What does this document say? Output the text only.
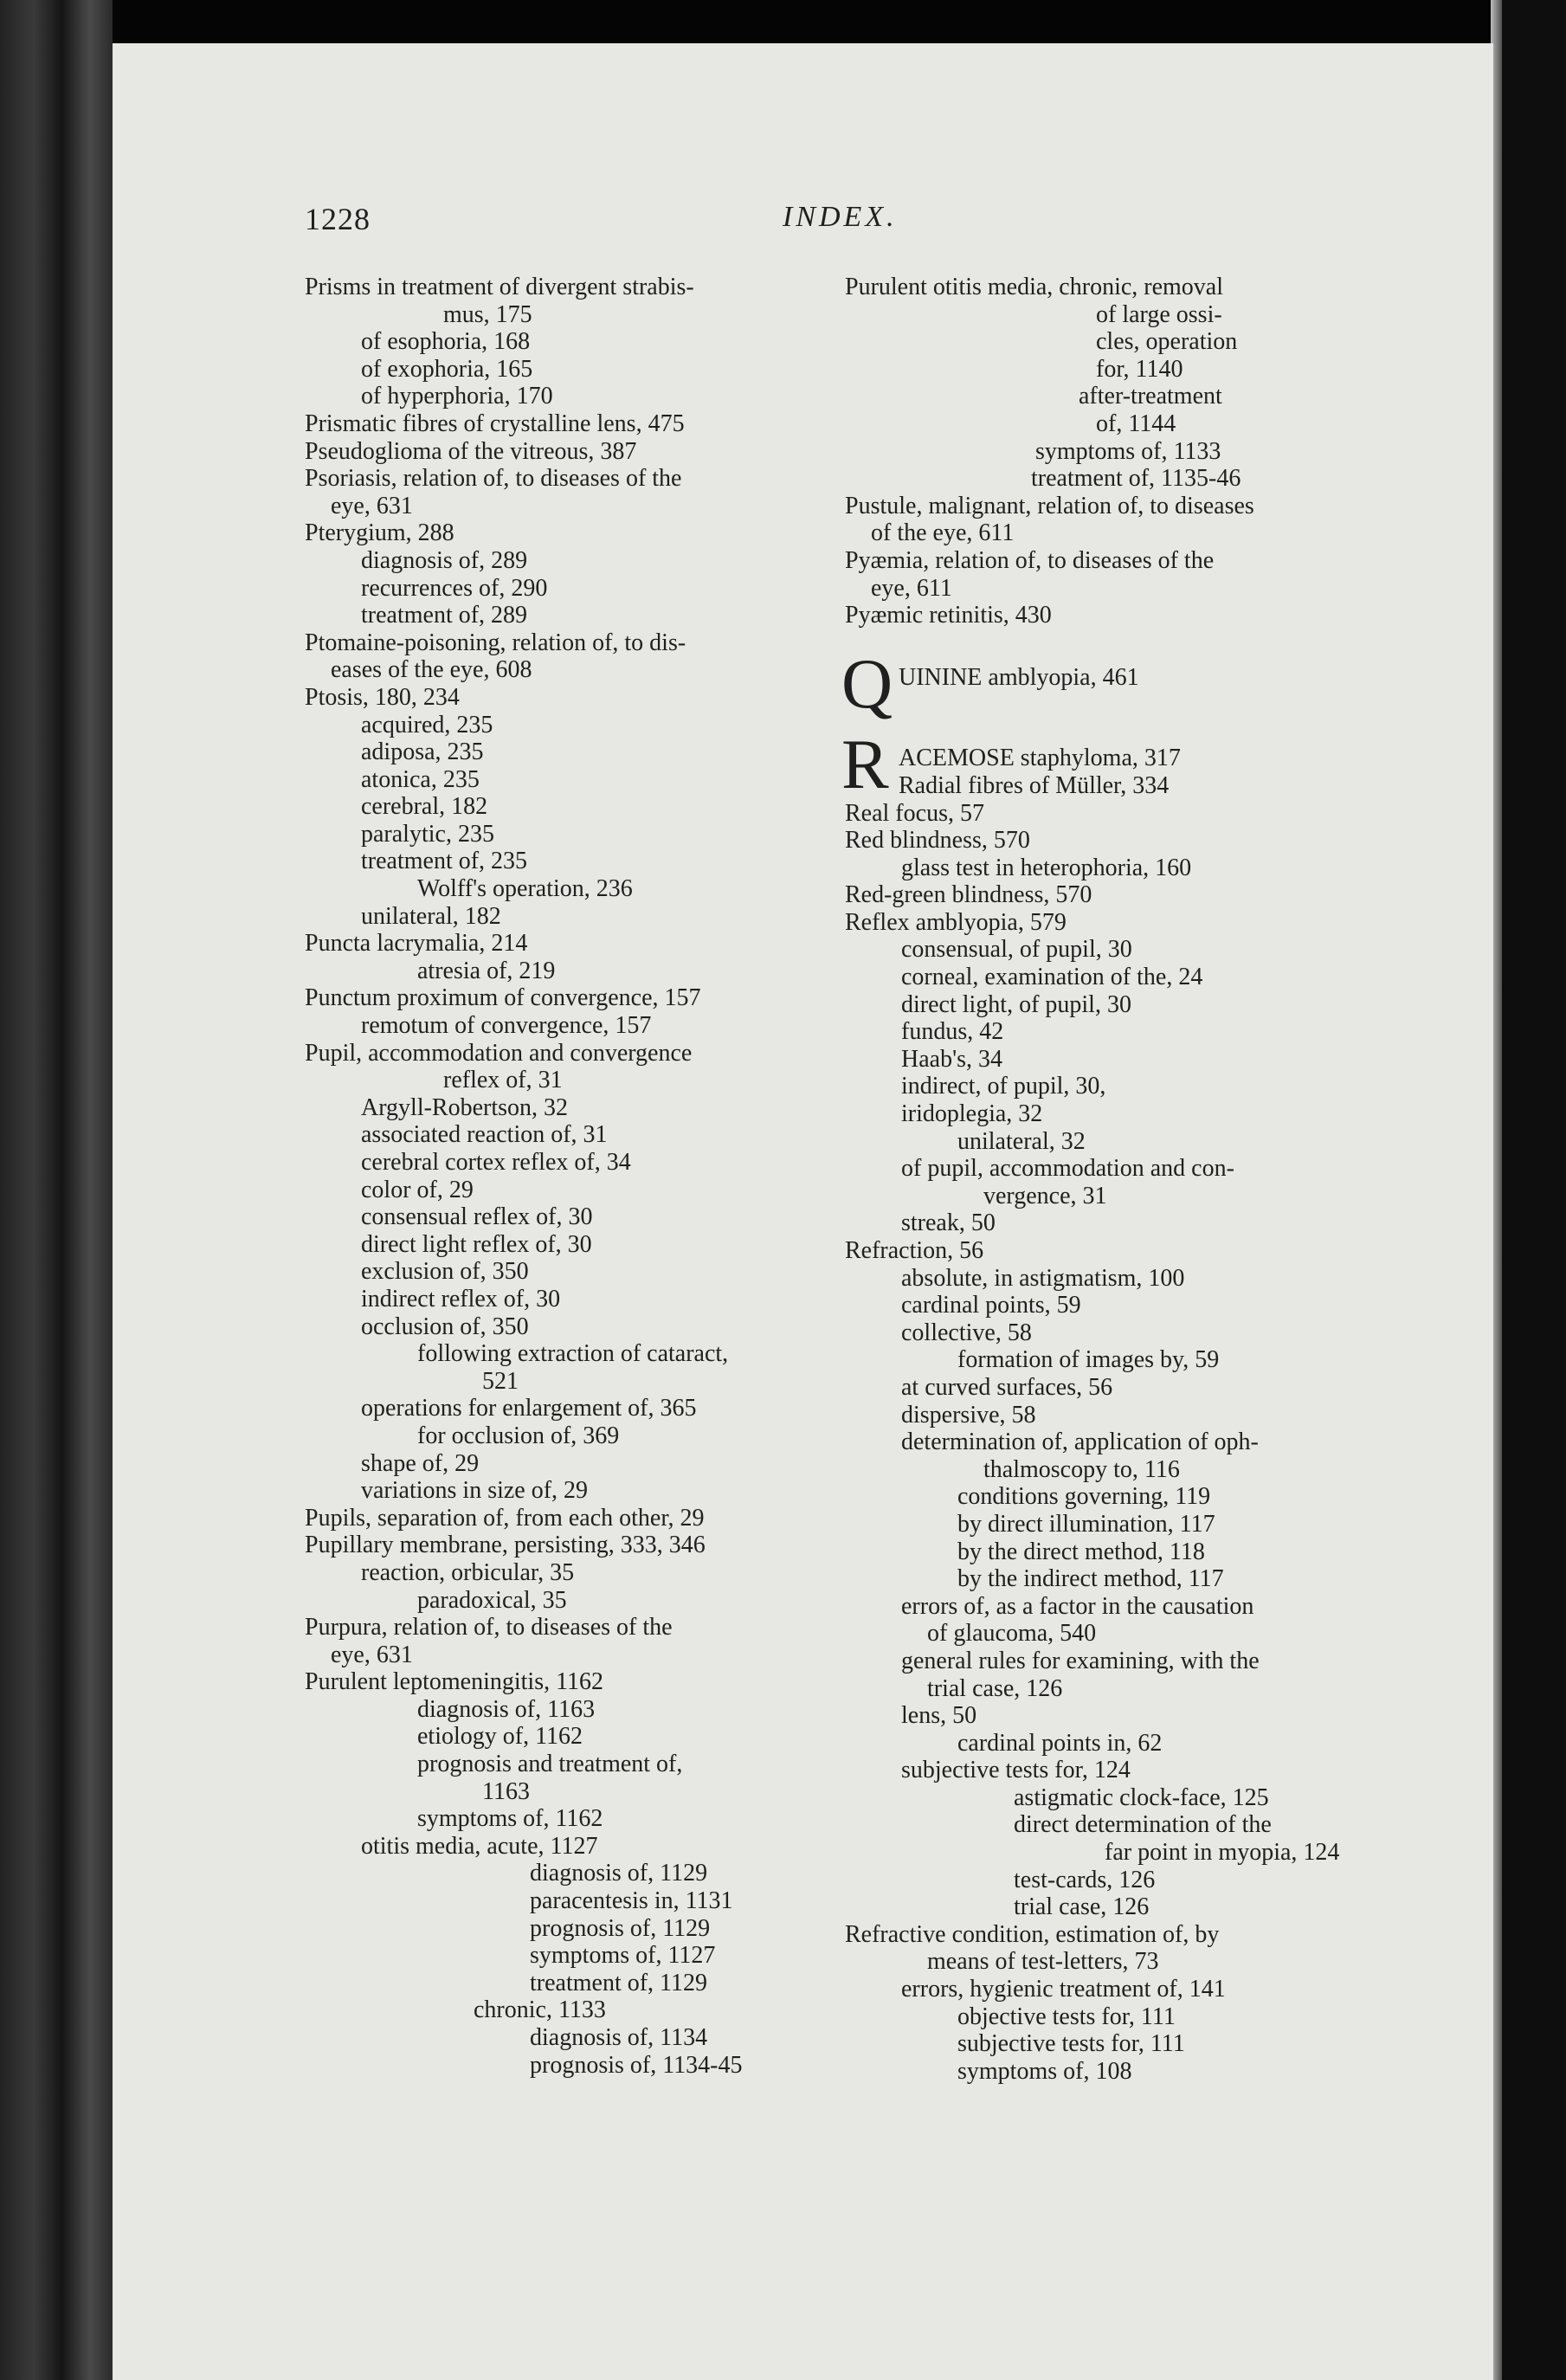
1228	INDEX.
Prisms in treatment of divergent strabis-
mus, 175
of esophoria, 168
of exophoria, 165
of hyperphoria, 170
Prismatic fibres of crystalline lens, 475
Pseudoglioma of the vitreous, 387
Psoriasis, relation of, to diseases of the
eye, 631
Pterygium, 288
diagnosis of, 289
recurrences of, 290
treatment of, 289
Ptomaine-poisoning, relation of, to dis-
eases of the eye, 608
Ptosis, 180, 234
acquired, 235
adiposa, 235
atonica, 235
cerebral, 182
paralytic, 235
treatment of, 235
Wolff's operation, 236
unilateral, 182
Puncta lacrymalia, 214
atresia of, 219
Punctum proximum of convergence, 157
remotum of convergence, 157
Pupil, accommodation and convergence
reflex of, 31
Argyll-Robertson, 32
associated reaction of, 31
cerebral cortex reflex of, 34
color of, 29
consensual reflex of, 30
direct light reflex of, 30
exclusion of, 350
indirect reflex of, 30
occlusion of, 350
following extraction of cataract,
521
operations for enlargement of, 365
for occlusion of, 369
shape of, 29
variations in size of, 29
Pupils, separation of, from each other, 29
Pupillary membrane, persisting, 333, 346
reaction, orbicular, 35
paradoxical, 35
Purpura, relation of, to diseases of the
eye, 631
Purulent leptomeningitis, 1162
diagnosis of, 1163
etiology of, 1162
prognosis and treatment of,
1163
symptoms of, 1162
otitis media, acute, 1127
diagnosis of, 1129
paracentesis in, 1131
prognosis of, 1129
symptoms of, 1127
treatment of, 1129
chronic, 1133
diagnosis of, 1134
prognosis of, 1134-45
Purulent otitis media, chronic, removal
of large ossi-
cles, operation
for, 1140
after-treatment
of, 1144
symptoms of, 1133
treatment of, 1135-46
Pustule, malignant, relation of, to diseases
of the eye, 611
Pyæmia, relation of, to diseases of the
eye, 611
Pyæmic retinitis, 430
Q UININE amblyopia, 461
R ACEMOSE staphyloma, 317
Radial fibres of Müller, 334
Real focus, 57
Red blindness, 570
glass test in heterophoria, 160
Red-green blindness, 570
Reflex amblyopia, 579
consensual, of pupil, 30
corneal, examination of the, 24
direct light, of pupil, 30
fundus, 42
Haab's, 34
indirect, of pupil, 30,
iridoplegia, 32
unilateral, 32
of pupil, accommodation and con-
vergence, 31
streak, 50
Refraction, 56
absolute, in astigmatism, 100
cardinal points, 59
collective, 58
formation of images by, 59
at curved surfaces, 56
dispersive, 58
determination of, application of oph-
thalmoscopy to, 116
conditions governing, 119
by direct illumination, 117
by the direct method, 118
by the indirect method, 117
errors of, as a factor in the causation
of glaucoma, 540
general rules for examining, with the
trial case, 126
lens, 50
cardinal points in, 62
subjective tests for, 124
astigmatic clock-face, 125
direct determination of the
far point in myopia, 124
test-cards, 126
trial case, 126
Refractive condition, estimation of, by
means of test-letters, 73
errors, hygienic treatment of, 141
objective tests for, 111
subjective tests for, 111
symptoms of, 108
